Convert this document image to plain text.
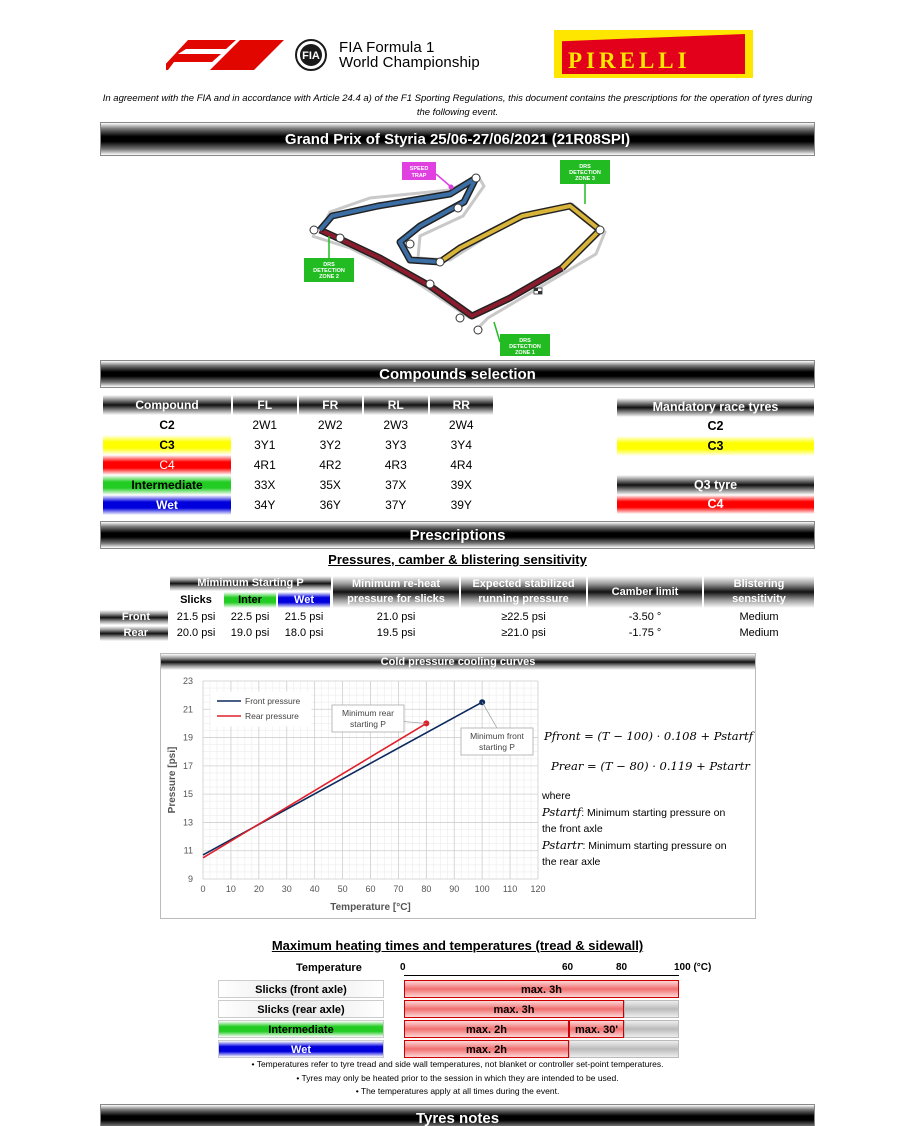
FIA FIA Formula 1
World Championship	PIRELLI
In agreement with the FIA and in accordance with Article 24.4 a) of the F1 Sporting Regulations, this document contains the prescriptions for the operation of tyres during the following event.
Grand Prix of Styria 25/06-27/06/2021 (21R08SPI)
SPEED
TRAP
DRS
DETECTION
ZONE 3
DRS
DETECTION
ZONE 2
DRS
DETECTION
ZONE 1
Compounds selection
Compound	FL	FR	RL	RR
C2	2W1	2W2	2W3	2W4
C3	3Y1	3Y2	3Y3	3Y4
C4	4R1	4R2	4R3	4R4
Intermediate	33X	35X	37X	39X
Wet	34Y	36Y	37Y	39Y
Mandatory race tyres
C2
C3
Q3 tyre
C4
Prescriptions
Pressures, camber & blistering sensitivity
Mimimum Starting P
Slicks	Inter	Wet
Minimum re-heat
pressure for slicks
Expected stabilized
running pressure
Camber limit
Blistering
sensitivity
Front	21.5 psi	22.5 psi	21.5 psi	21.0 psi	≥22.5 psi	-3.50 °	Medium
Rear	20.0 psi	19.0 psi	18.0 psi	19.5 psi	≥21.0 psi	-1.75 °	Medium
Cold pressure cooling curves
0 10 20 30 40 50 60 70 80 90 100 110 120
9
11
13
15
17
19
21
23
Temperature [°C]
Pressure [psi]
Front pressure
Rear pressure	Minimum rear
starting P
Minimum front
starting P
Pfront = (T − 100) · 0.108 + Pstartf
Prear = (T − 80) · 0.119 + Pstartr
where
Pstartf: Minimum starting pressure on
the front axle
Pstartr: Minimum starting pressure on
the rear axle
Maximum heating times and temperatures (tread & sidewall)
Temperature	0	60	80	100 (°C)
Slicks (front axle)	max. 3h
Slicks (rear axle)	max. 3h
Intermediate	max. 2h	max. 30'
Wet	max. 2h
• Temperatures refer to tyre tread and side wall temperatures, not blanket or controller set-point temperatures.
• Tyres may only be heated prior to the session in which they are intended to be used.
• The temperatures apply at all times during the event.
Tyres notes
